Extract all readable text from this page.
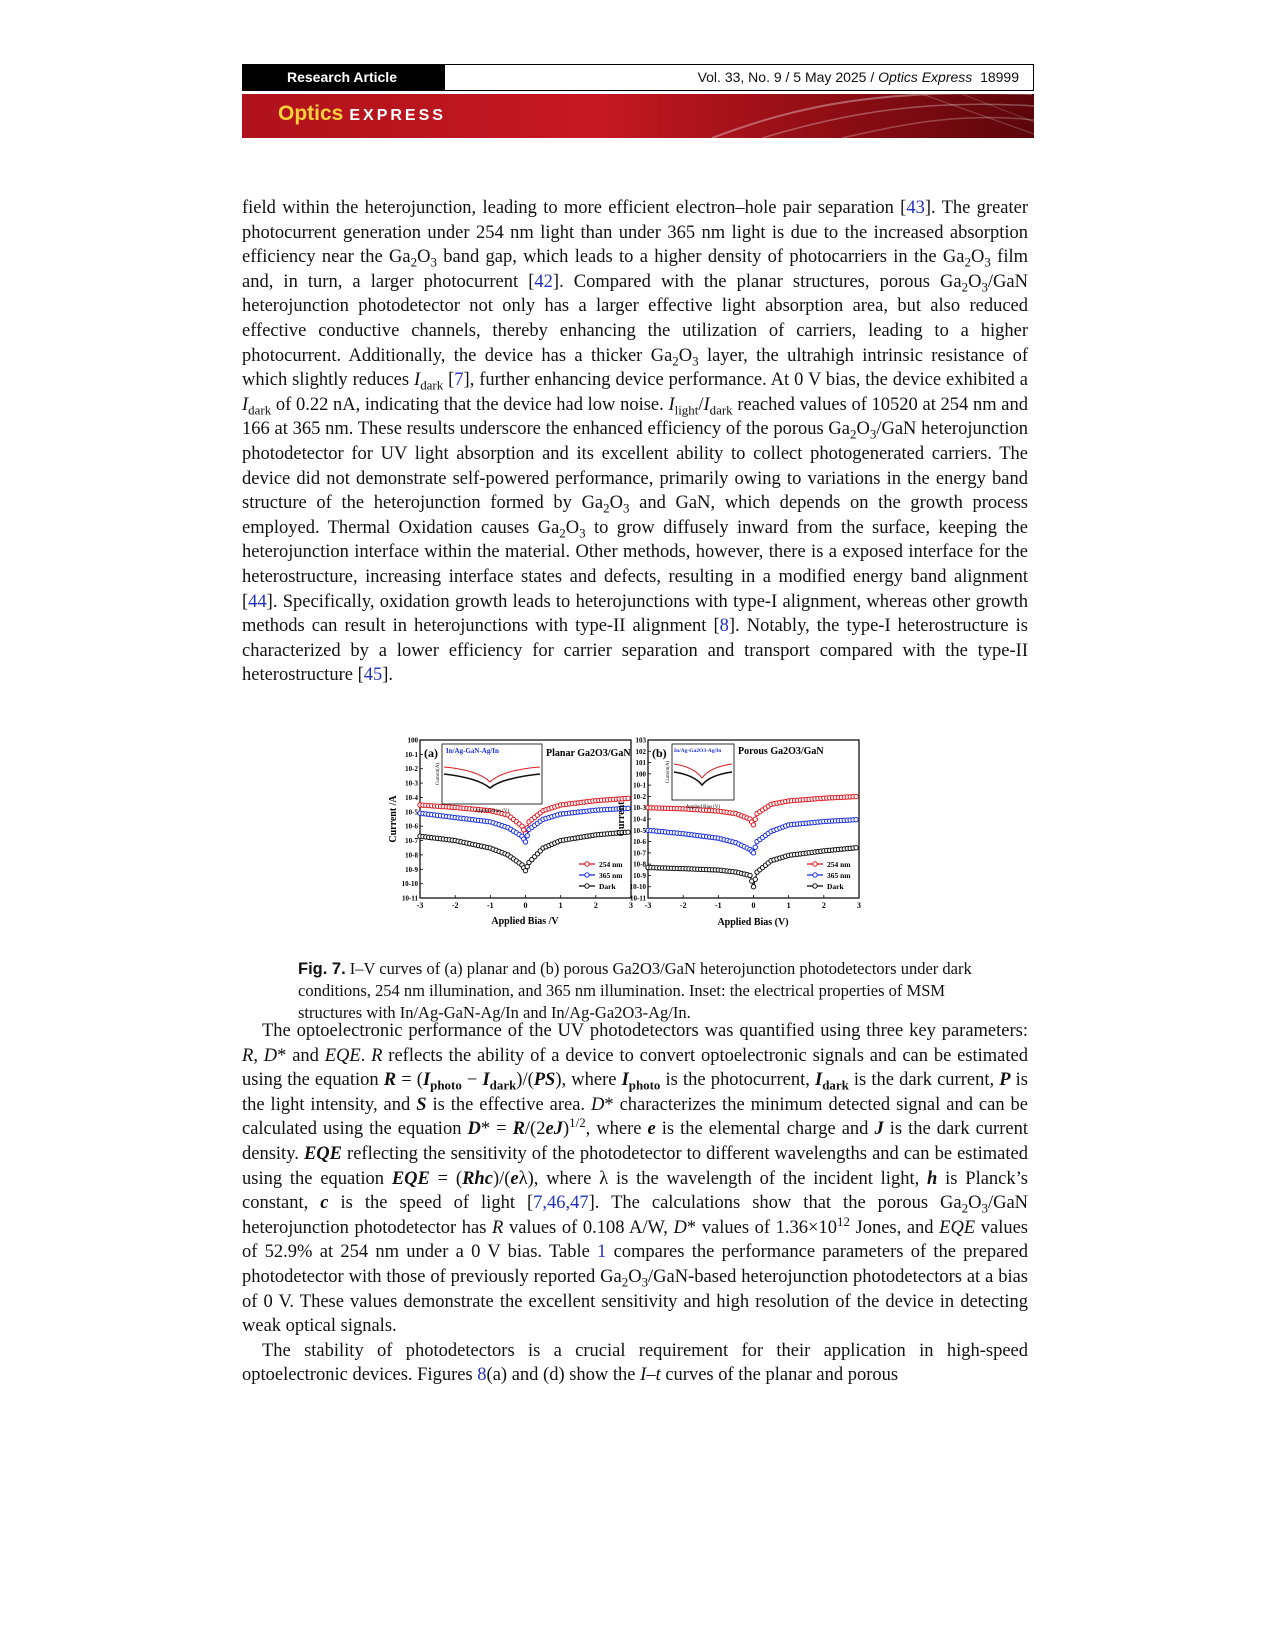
Research Article	Vol. 33, No. 9 / 5 May 2025 / Optics Express 18999
Optics EXPRESS

field within the heterojunction, leading to more efficient electron–hole pair separation [43]. The greater photocurrent generation under 254 nm light than under 365 nm light is due to the increased absorption efficiency near the $Ga_2O_3$ band gap, which leads to a higher density of photocarriers in the $Ga_2O_3$ film and, in turn, a larger photocurrent [42]. Compared with the planar structures, porous $Ga_2O_3$/GaN heterojunction photodetector not only has a larger effective light absorption area, but also reduced effective conductive channels, thereby enhancing the utilization of carriers, leading to a higher photocurrent. Additionally, the device has a thicker $Ga_2O_3$ layer, the ultrahigh intrinsic resistance of which slightly reduces $I_{dark}$ [7], further enhancing device performance. At 0 V bias, the device exhibited a $I_{dark}$ of 0.22 nA, indicating that the device had low noise. $I_{light}/I_{dark}$ reached values of 10520 at 254 nm and 166 at 365 nm. These results underscore the enhanced efficiency of the porous $Ga_2O_3$/GaN heterojunction photodetector for UV light absorption and its excellent ability to collect photogenerated carriers. The device did not demonstrate self-powered performance, primarily owing to variations in the energy band structure of the heterojunction formed by $Ga_2O_3$ and GaN, which depends on the growth process employed. Thermal Oxidation causes $Ga_2O_3$ to grow diffusely inward from the surface, keeping the heterojunction interface within the material. Other methods, however, there is a exposed interface for the heterostructure, increasing interface states and defects, resulting in a modified energy band alignment [44]. Specifically, oxidation growth leads to heterojunctions with type-I alignment, whereas other growth methods can result in heterojunctions with type-II alignment [8]. Notably, the type-I heterostructure is characterized by a lower efficiency for carrier separation and transport compared with the type-II heterostructure [45].

10-11
10-10
10-9
10-8
10-7
10-6
10-5
10-4
10-3
10-2
10-1
100
-3	-2	-1	0	1	2	3
(a) In/Ag-GaN-Ag/In
Applied Bias (V)
Current(A)
Planar Ga2O3/GaN
254 nm
365 nm
Dark
Applied Bias /V
Current /A
10-11
10-10
10-9
10-8
10-7
10-6
10-5
10-4
10-3
10-2
10-1
100
101
102
103
-3	-2	-1	0	1	2	3
(b) In/Ag-Ga2O3-Ag/In
Applied Bias (V)
Current(A)
Porous Ga2O3/GaN
254 nm
365 nm
Dark
Applied Bias (V)
Current
Fig. 7. I–V curves of (a) planar and (b) porous Ga2O3/GaN heterojunction photodetectors under dark conditions, 254 nm illumination, and 365 nm illumination. Inset: the electrical properties of MSM structures with In/Ag-GaN-Ag/In and In/Ag-Ga2O3-Ag/In.

The optoelectronic performance of the UV photodetectors was quantified using three key parameters: R, D* and EQE. R reflects the ability of a device to convert optoelectronic signals and can be estimated using the equation $R = (I_{photo} - I_{dark})/(PS)$, where $I_{photo}$ is the photocurrent, $I_{dark}$ is the dark current, P is the light intensity, and S is the effective area. D* characterizes the minimum detected signal and can be calculated using the equation $D* = R/(2eJ)^{1/2}$, where e is the elemental charge and J is the dark current density. EQE reflecting the sensitivity of the photodetector to different wavelengths and can be estimated using the equation EQE = (Rhc)/(eλ), where λ is the wavelength of the incident light, h is Planck’s constant, c is the speed of light [7,46,47]. The calculations show that the porous $Ga_2O_3$/GaN heterojunction photodetector has R values of 0.108 A/W, D* values of $1.36\times 10^{12}$ Jones, and EQE values of 52.9% at 254 nm under a 0 V bias. Table 1 compares the performance parameters of the prepared photodetector with those of previously reported $Ga_2O_3/GaN$-based heterojunction photodetectors at a bias of 0 V. These values demonstrate the excellent sensitivity and high resolution of the device in detecting weak optical signals.

The stability of photodetectors is a crucial requirement for their application in high-speed optoelectronic devices. Figures 8(a) and (d) show the I–t curves of the planar and porous
